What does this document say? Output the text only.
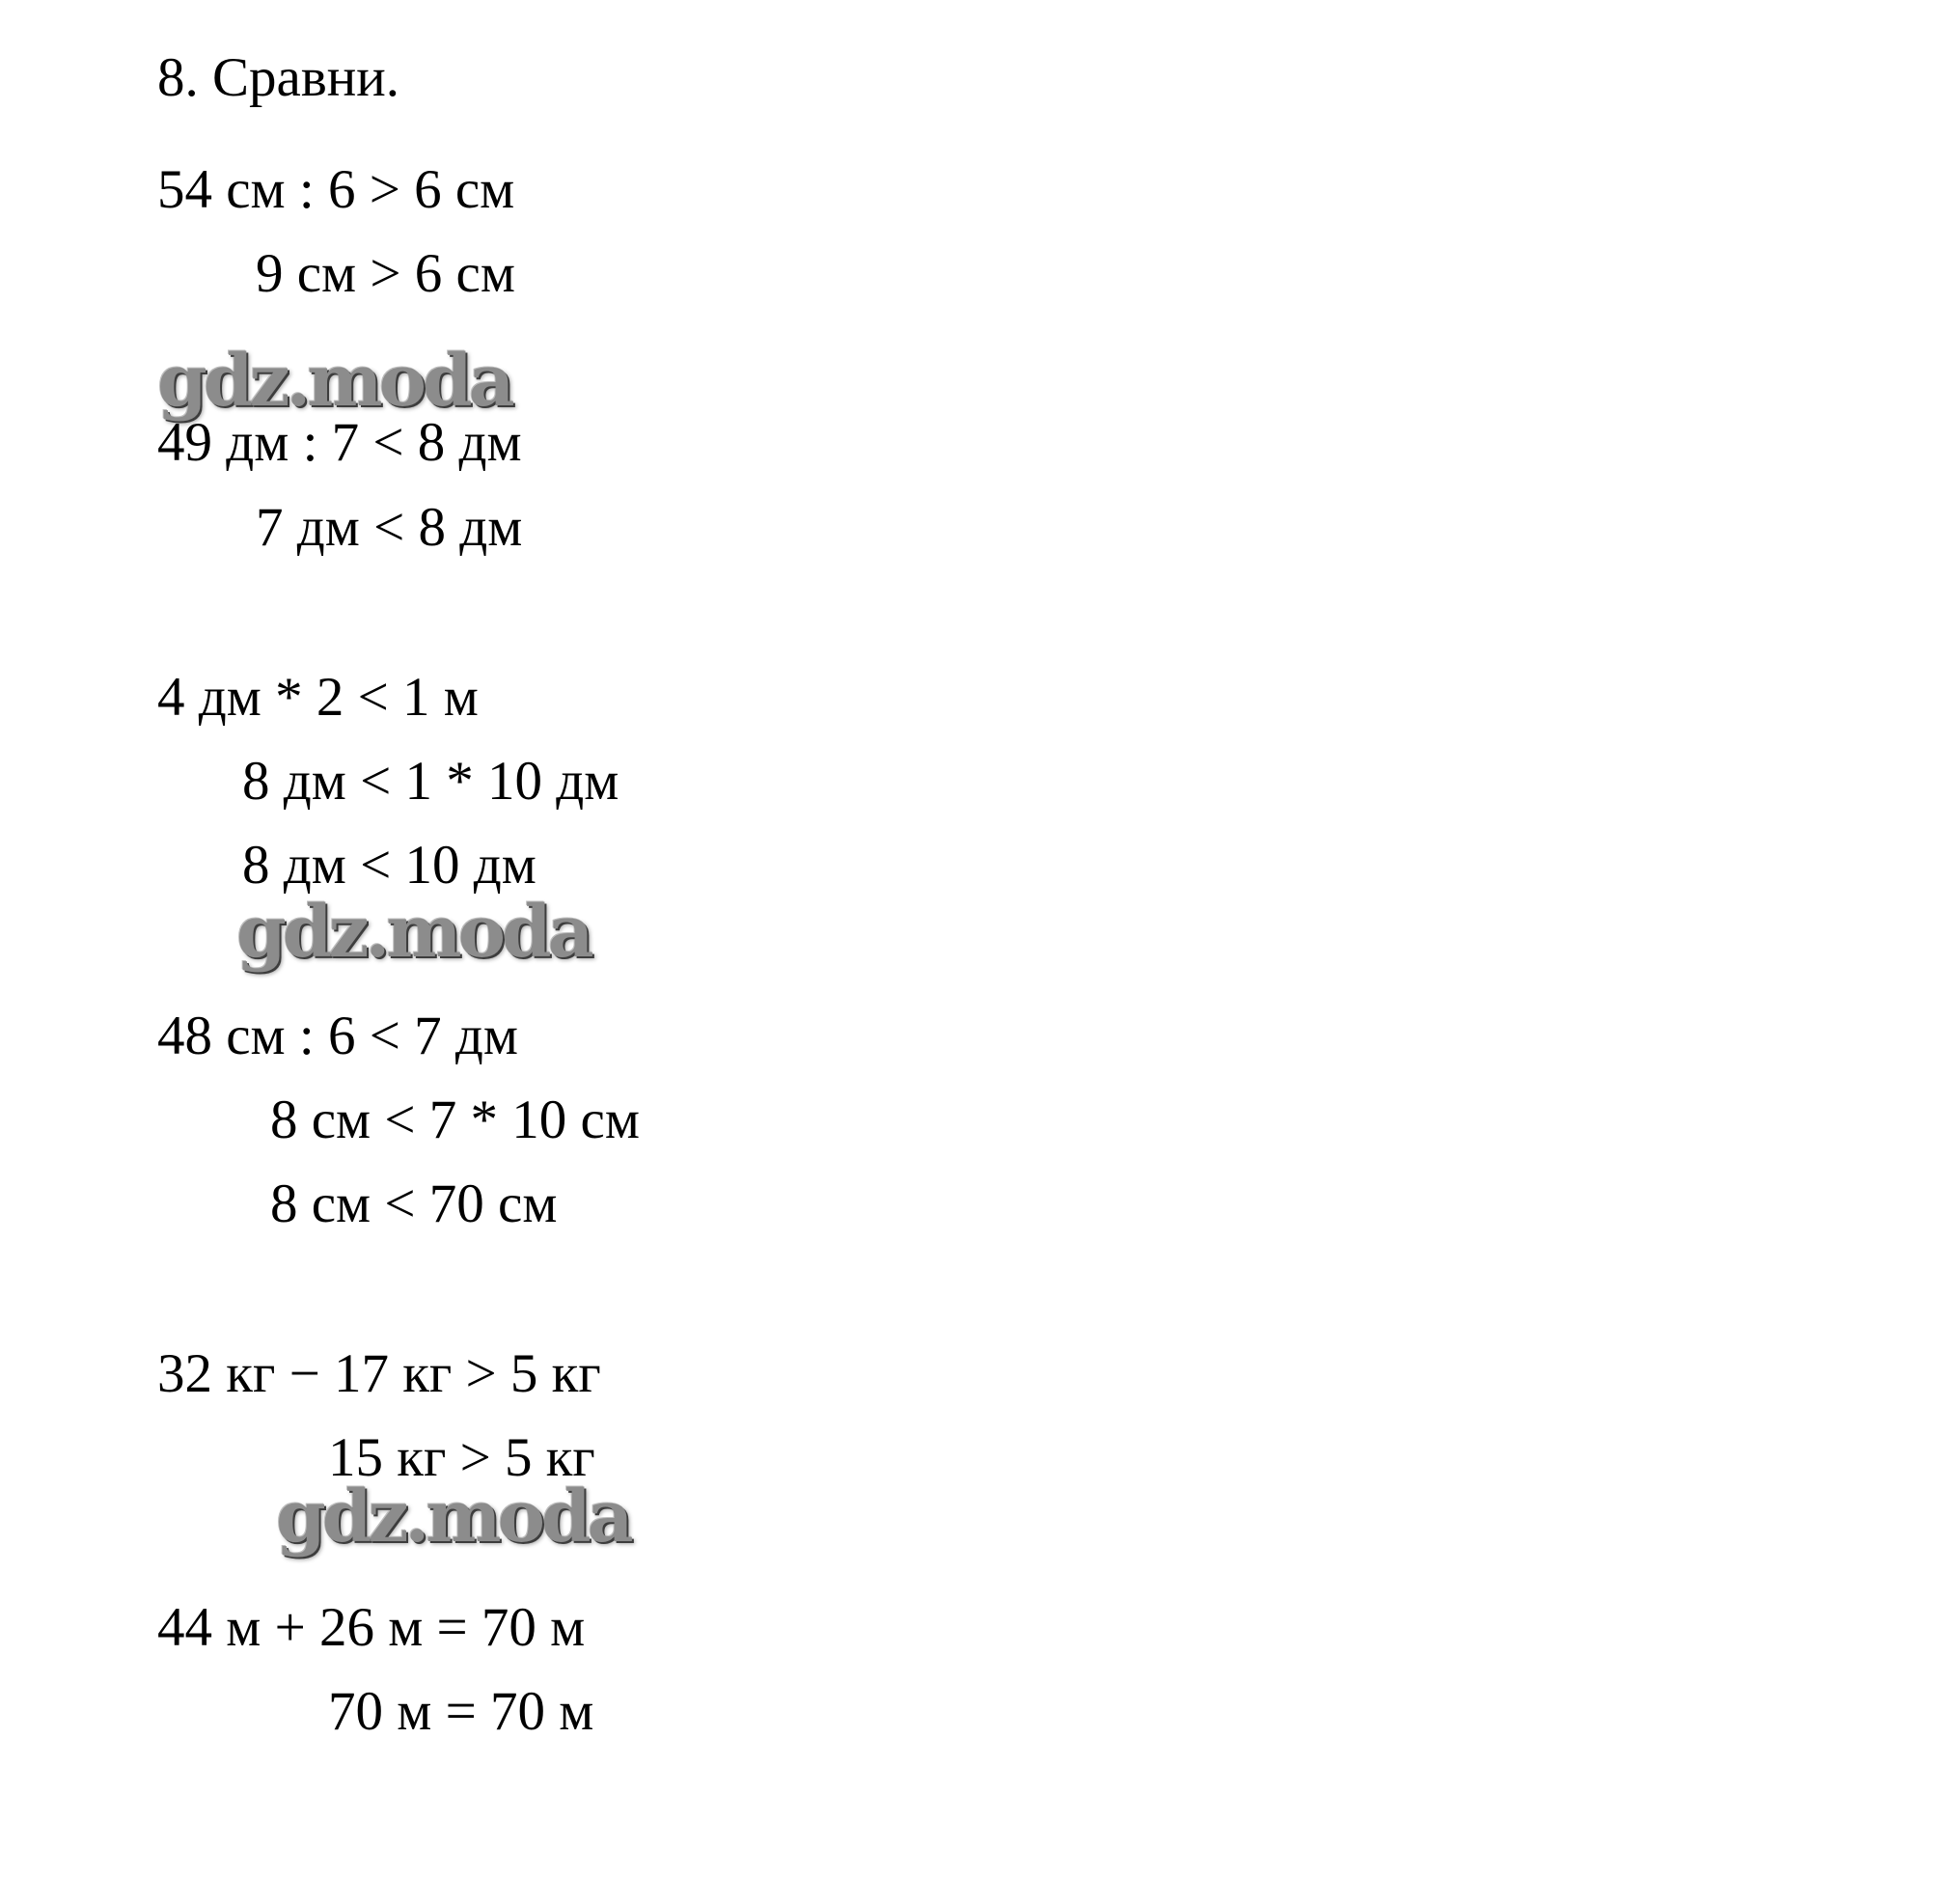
8. Сравни.
54 см : 6 > 6 см
9 см > 6 см
gdz.moda
49 дм : 7 < 8 дм
7 дм < 8 дм
4 дм * 2 < 1 м
8 дм < 1 * 10 дм
8 дм < 10 дм
gdz.moda
48 см : 6 < 7 дм
8 см < 7 * 10 см
8 см < 70 см
32 кг − 17 кг > 5 кг
15 кг > 5 кг
gdz.moda
44 м + 26 м = 70 м
70 м = 70 м
